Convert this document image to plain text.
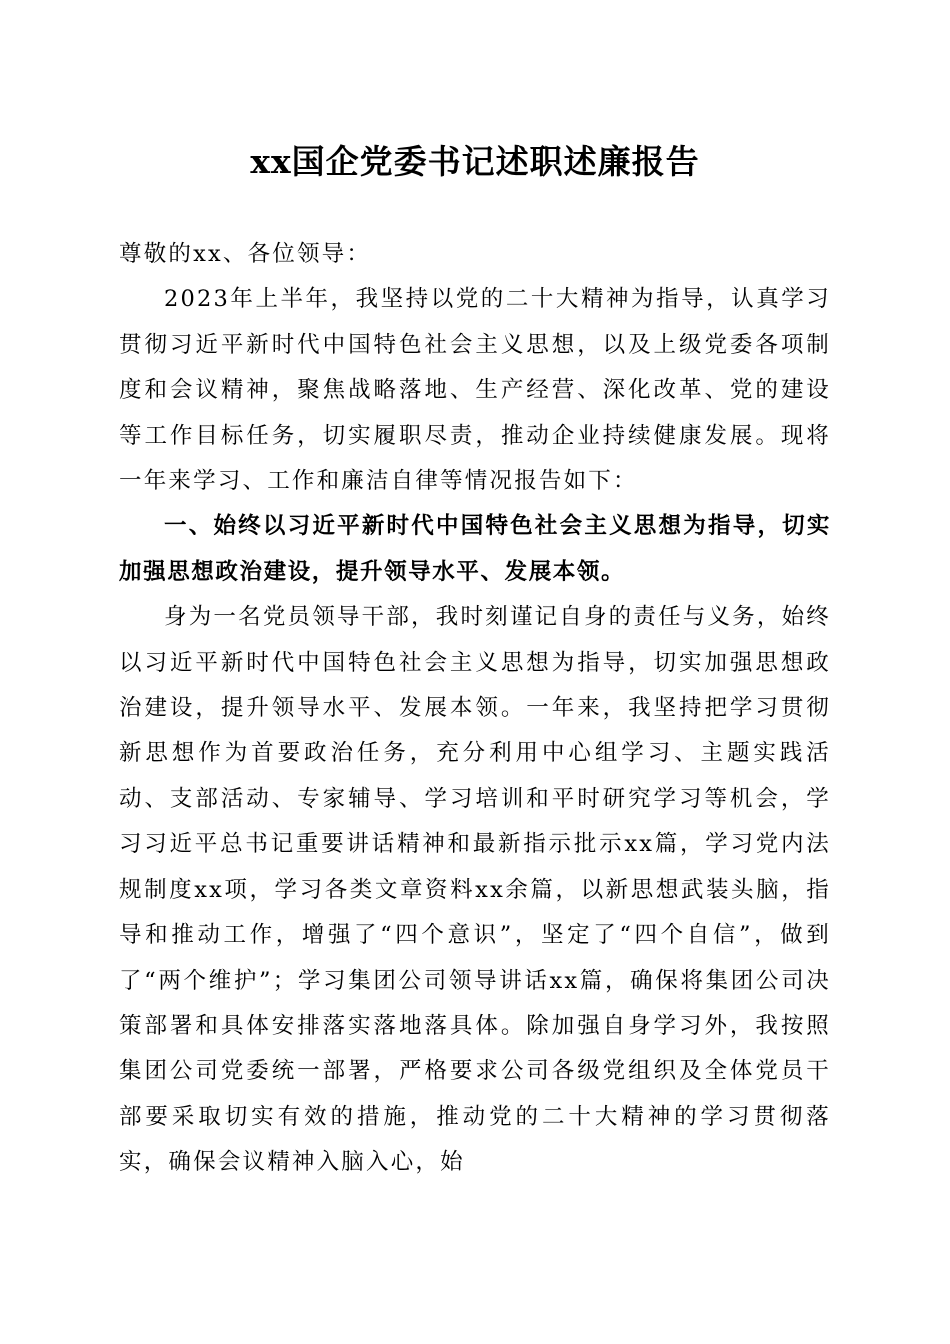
xx国企党委书记述职述廉报告

尊敬的xx、各位领导：

2023年上半年，我坚持以党的二十大精神为指导，认真学习贯彻习近平新时代中国特色社会主义思想，以及上级党委各项制度和会议精神，聚焦战略落地、生产经营、深化改革、党的建设等工作目标任务，切实履职尽责，推动企业持续健康发展。现将一年来学习、工作和廉洁自律等情况报告如下：

一、始终以习近平新时代中国特色社会主义思想为指导，切实加强思想政治建设，提升领导水平、发展本领。

身为一名党员领导干部，我时刻谨记自身的责任与义务，始终以习近平新时代中国特色社会主义思想为指导，切实加强思想政治建设，提升领导水平、发展本领。一年来，我坚持把学习贯彻新思想作为首要政治任务，充分利用中心组学习、主题实践活动、支部活动、专家辅导、学习培训和平时研究学习等机会，学习习近平总书记重要讲话精神和最新指示批示xx篇，学习党内法规制度xx项，学习各类文章资料xx余篇，以新思想武装头脑，指导和推动工作，增强了“四个意识”，坚定了“四个自信”，做到了“两个维护”；学习集团公司领导讲话xx篇，确保将集团公司决策部署和具体安排落实落地落具体。除加强自身学习外，我按照集团公司党委统一部署，严格要求公司各级党组织及全体党员干部要采取切实有效的措施，推动党的二十大精神的学习贯彻落实，确保会议精神入脑入心，始
